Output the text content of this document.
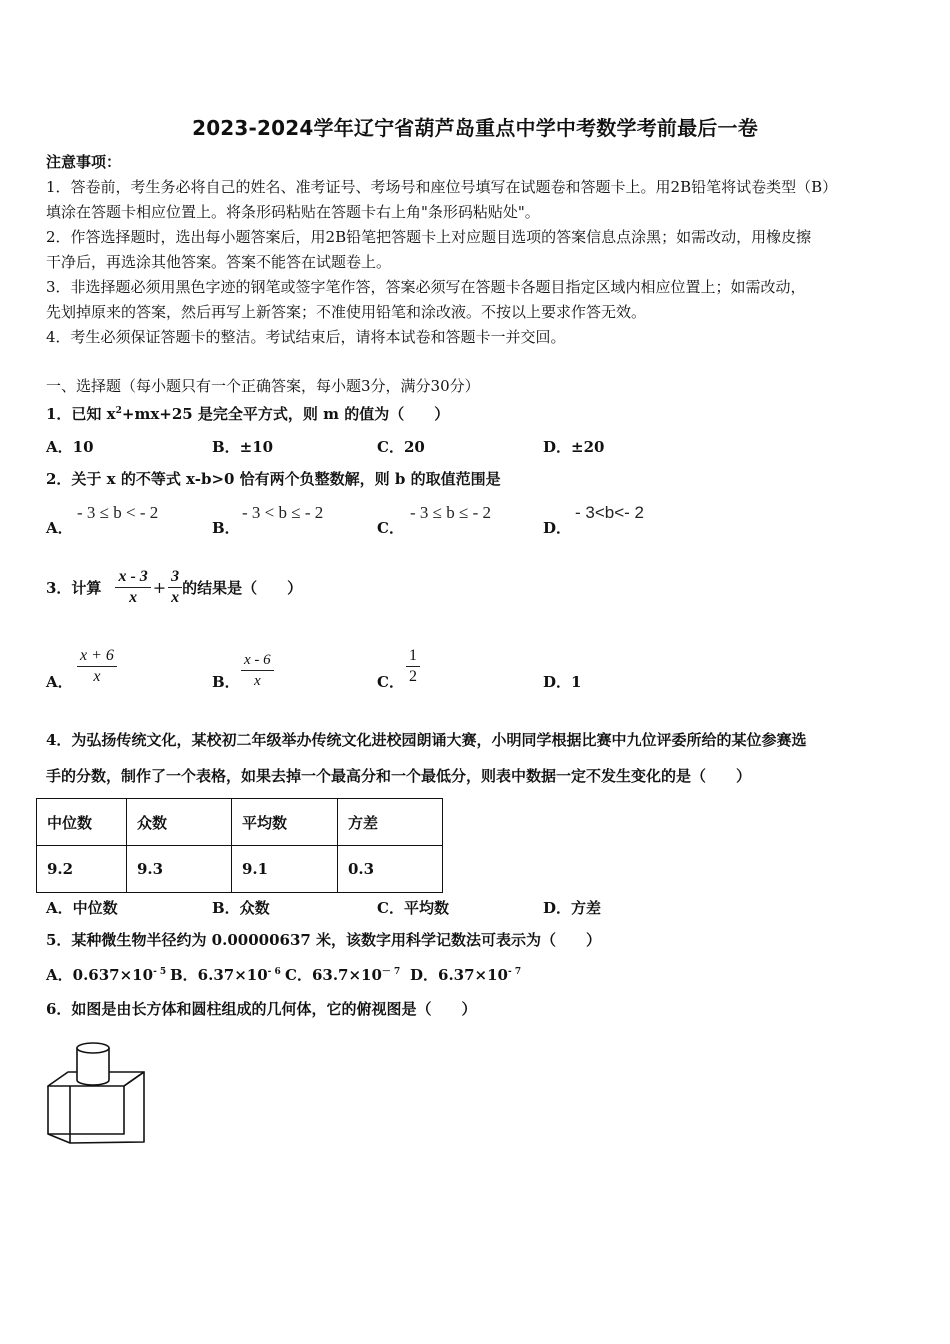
2023-2024学年辽宁省葫芦岛重点中学中考数学考前最后一卷
注意事项：
1．答卷前，考生务必将自己的姓名、准考证号、考场号和座位号填写在试题卷和答题卡上。用2B铅笔将试卷类型（B）
填涂在答题卡相应位置上。将条形码粘贴在答题卡右上角"条形码粘贴处"。
2．作答选择题时，选出每小题答案后，用2B铅笔把答题卡上对应题目选项的答案信息点涂黑；如需改动，用橡皮擦
干净后，再选涂其他答案。答案不能答在试题卷上。
3．非选择题必须用黑色字迹的钢笔或签字笔作答，答案必须写在答题卡各题目指定区域内相应位置上；如需改动，
先划掉原来的答案，然后再写上新答案；不准使用铅笔和涂改液。不按以上要求作答无效。
4．考生必须保证答题卡的整洁。考试结束后，请将本试卷和答题卡一并交回。
一、选择题（每小题只有一个正确答案，每小题3分，满分30分）
1．已知 $x^2+mx+25$ 是完全平方式，则 m 的值为（　　）
A．10	B．±10	C．20	D．±20
2．关于 x 的不等式 x-b>0 恰有两个负整数解，则 b 的取值范围是
A．
- 3 ≤ b < - 2
B．
- 3 < b ≤ - 2
C．
- 3 ≤ b ≤ - 2
D．
- 3<b<- 2
3．计算 $\frac{x - 3}{x} + \frac{3}{x}$ 的结果是（　　）
A． $\frac{x + 6}{x}$	B． $\frac{x - 6}{x}$	C． $\frac{1}{2}$	D．1
4．为弘扬传统文化，某校初二年级举办传统文化进校园朗诵大赛，小明同学根据比赛中九位评委所给的某位参赛选
手的分数，制作了一个表格，如果去掉一个最高分和一个最低分，则表中数据一定不发生变化的是（　　）
中位数	众数	平均数	方差
9.2	9.3	9.1	0.3
A．中位数	B．众数	C．平均数	D．方差
5．某种微生物半径约为 0.00000637 米，该数字用科学记数法可表示为（　　）
A．$0.637\times 10^{- 5}$ B．$6.37\times 10^{- 6}$ C．$63.7\times 10^{- 7}$ D．$6.37\times 10^{- 7}$
6．如图是由长方体和圆柱组成的几何体，它的俯视图是（　　）
